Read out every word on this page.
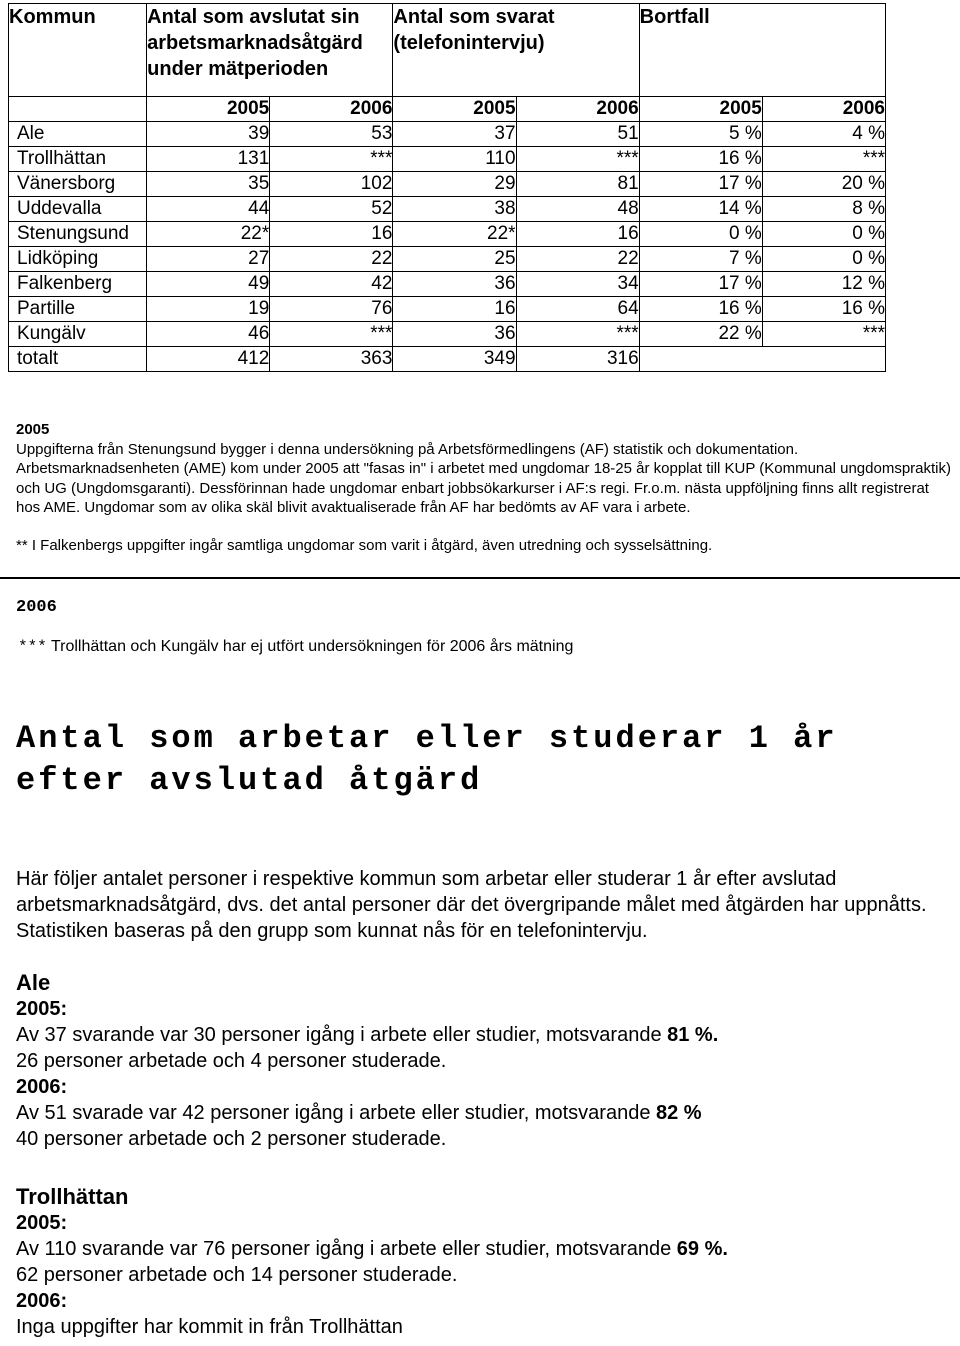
Kommun	Antal som avslutat sin arbetsmarknadsåtgärd under mätperioden		Antal som svarat (telefonintervju)		Bortfall	
	2005	2006	2005	2006	2005	2006
Ale	39	53	37	51	5 %	4 %
Trollhättan	131	***	110	***	16 %	***
Vänersborg	35	102	29	81	17 %	20 %
Uddevalla	44	52	38	48	14 %	8 %
Stenungsund	22*	16	22*	16	0 %	0 %
Lidköping	27	22	25	22	7 %	0 %
Falkenberg	49	42	36	34	17 %	12 %
Partille	19	76	16	64	16 %	16 %
Kungälv	46	***	36	***	22 %	***
totalt	412	363	349	316		
2005
Uppgifterna från Stenungsund bygger i denna undersökning på Arbetsförmedlingens (AF) statistik och dokumentation.
Arbetsmarknadsenheten (AME) kom under 2005 att "fasas in" i arbetet med ungdomar 18-25 år kopplat till KUP (Kommunal ungdomspraktik) och UG (Ungdomsgaranti). Dessförinnan hade ungdomar enbart jobbsökarkurser i AF:s regi. Fr.o.m. nästa uppföljning finns allt registrerat hos AME. Ungdomar som av olika skäl blivit avaktualiserade från AF har bedömts av AF vara i arbete.
** I Falkenbergs uppgifter ingår samtliga ungdomar som varit i åtgärd, även utredning och sysselsättning.
2006
*** Trollhättan och Kungälv har ej utfört undersökningen för 2006 års mätning
Antal som arbetar eller studerar 1 år efter avslutad åtgärd
Här följer antalet personer i respektive kommun som arbetar eller studerar 1 år efter avslutad arbetsmarknadsåtgärd, dvs. det antal personer där det övergripande målet med åtgärden har uppnåtts. Statistiken baseras på den grupp som kunnat nås för en telefonintervju.
Ale
2005:
Av 37 svarande var 30 personer igång i arbete eller studier, motsvarande 81 %.
26 personer arbetade och 4 personer studerade.
2006:
Av 51 svarade var 42 personer igång i arbete eller studier, motsvarande 82 %
40 personer arbetade och 2 personer studerade.
Trollhättan
2005:
Av 110 svarande var 76 personer igång i arbete eller studier, motsvarande 69 %.
62 personer arbetade och 14 personer studerade.
2006:
Inga uppgifter har kommit in från Trollhättan
